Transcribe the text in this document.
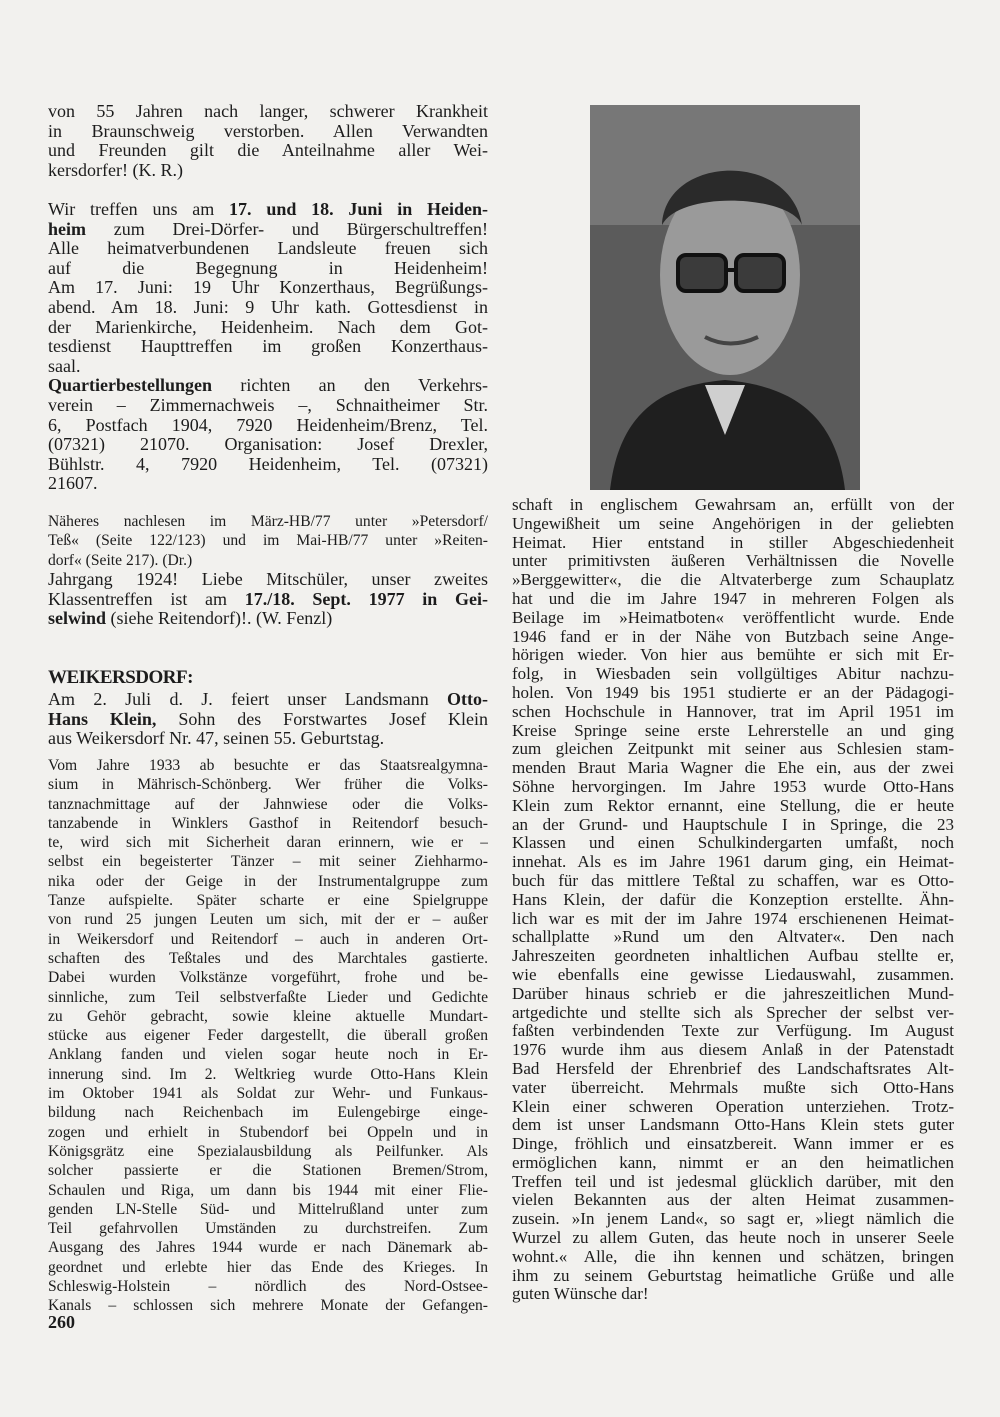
von 55 Jahren nach langer, schwerer Krankheit
in Braunschweig verstorben. Allen Verwandten
und Freunden gilt die Anteilnahme aller Wei-
kersdorfer! (K. R.)
Wir treffen uns am 17. und 18. Juni in Heiden-
heim zum Drei-Dörfer- und Bürgerschultreffen!
Alle heimatverbundenen Landsleute freuen sich
auf die Begegnung in Heidenheim!
Am 17. Juni: 19 Uhr Konzerthaus, Begrüßungs-
abend. Am 18. Juni: 9 Uhr kath. Gottesdienst in
der Marienkirche, Heidenheim. Nach dem Got-
tesdienst Haupttreffen im großen Konzerthaus-
saal.
Quartierbestellungen richten an den Verkehrs-
verein – Zimmernachweis –, Schnaitheimer Str.
6, Postfach 1904, 7920 Heidenheim/Brenz, Tel.
(07321) 21070. Organisation: Josef Drexler,
Bühlstr. 4, 7920 Heidenheim, Tel. (07321)
21607.
Näheres nachlesen im März-HB/77 unter »Petersdorf/
Teß« (Seite 122/123) und im Mai-HB/77 unter »Reiten-
dorf« (Seite 217). (Dr.)
Jahrgang 1924! Liebe Mitschüler, unser zweites
Klassentreffen ist am 17./18. Sept. 1977 in Gei-
selwind (siehe Reitendorf)!. (W. Fenzl)
WEIKERSDORF:
Am 2. Juli d. J. feiert unser Landsmann Otto-
Hans Klein, Sohn des Forstwartes Josef Klein
aus Weikersdorf Nr. 47, seinen 55. Geburtstag.
Vom Jahre 1933 ab besuchte er das Staatsrealgymna-
sium in Mährisch-Schönberg. Wer früher die Volks-
tanznachmittage auf der Jahnwiese oder die Volks-
tanzabende in Winklers Gasthof in Reitendorf besuch-
te, wird sich mit Sicherheit daran erinnern, wie er –
selbst ein begeisterter Tänzer – mit seiner Ziehharmo-
nika oder der Geige in der Instrumentalgruppe zum
Tanze aufspielte. Später scharte er eine Spielgruppe
von rund 25 jungen Leuten um sich, mit der er – außer
in Weikersdorf und Reitendorf – auch in anderen Ort-
schaften des Teßtales und des Marchtales gastierte.
Dabei wurden Volkstänze vorgeführt, frohe und be-
sinnliche, zum Teil selbstverfaßte Lieder und Gedichte
zu Gehör gebracht, sowie kleine aktuelle Mundart-
stücke aus eigener Feder dargestellt, die überall großen
Anklang fanden und vielen sogar heute noch in Er-
innerung sind. Im 2. Weltkrieg wurde Otto-Hans Klein
im Oktober 1941 als Soldat zur Wehr- und Funkaus-
bildung nach Reichenbach im Eulengebirge einge-
zogen und erhielt in Stubendorf bei Oppeln und in
Königsgrätz eine Spezialausbildung als Peilfunker. Als
solcher passierte er die Stationen Bremen/Strom,
Schaulen und Riga, um dann bis 1944 mit einer Flie-
genden LN-Stelle Süd- und Mittelrußland unter zum
Teil gefahrvollen Umständen zu durchstreifen. Zum
Ausgang des Jahres 1944 wurde er nach Dänemark ab-
geordnet und erlebte hier das Ende des Krieges. In
Schleswig-Holstein – nördlich des Nord-Ostsee-
Kanals – schlossen sich mehrere Monate der Gefangen-
schaft in englischem Gewahrsam an, erfüllt von der
Ungewißheit um seine Angehörigen in der geliebten
Heimat. Hier entstand in stiller Abgeschiedenheit
unter primitivsten äußeren Verhältnissen die Novelle
»Berggewitter«, die die Altvaterberge zum Schauplatz
hat und die im Jahre 1947 in mehreren Folgen als
Beilage im »Heimatboten« veröffentlicht wurde. Ende
1946 fand er in der Nähe von Butzbach seine Ange-
hörigen wieder. Von hier aus bemühte er sich mit Er-
folg, in Wiesbaden sein vollgültiges Abitur nachzu-
holen. Von 1949 bis 1951 studierte er an der Pädagogi-
schen Hochschule in Hannover, trat im April 1951 im
Kreise Springe seine erste Lehrerstelle an und ging
zum gleichen Zeitpunkt mit seiner aus Schlesien stam-
menden Braut Maria Wagner die Ehe ein, aus der zwei
Söhne hervorgingen. Im Jahre 1953 wurde Otto-Hans
Klein zum Rektor ernannt, eine Stellung, die er heute
an der Grund- und Hauptschule I in Springe, die 23
Klassen und einen Schulkindergarten umfaßt, noch
innehat. Als es im Jahre 1961 darum ging, ein Heimat-
buch für das mittlere Teßtal zu schaffen, war es Otto-
Hans Klein, der dafür die Konzeption erstellte. Ähn-
lich war es mit der im Jahre 1974 erschienenen Heimat-
schallplatte »Rund um den Altvater«. Den nach
Jahreszeiten geordneten inhaltlichen Aufbau stellte er,
wie ebenfalls eine gewisse Liedauswahl, zusammen.
Darüber hinaus schrieb er die jahreszeitlichen Mund-
artgedichte und stellte sich als Sprecher der selbst ver-
faßten verbindenden Texte zur Verfügung. Im August
1976 wurde ihm aus diesem Anlaß in der Patenstadt
Bad Hersfeld der Ehrenbrief des Landschaftsrates Alt-
vater überreicht. Mehrmals mußte sich Otto-Hans
Klein einer schweren Operation unterziehen. Trotz-
dem ist unser Landsmann Otto-Hans Klein stets guter
Dinge, fröhlich und einsatzbereit. Wann immer er es
ermöglichen kann, nimmt er an den heimatlichen
Treffen teil und ist jedesmal glücklich darüber, mit den
vielen Bekannten aus der alten Heimat zusammen-
zusein. »In jenem Land«, so sagt er, »liegt nämlich die
Wurzel zu allem Guten, das heute noch in unserer Seele
wohnt.« Alle, die ihn kennen und schätzen, bringen
ihm zu seinem Geburtstag heimatliche Grüße und alle
guten Wünsche dar!
260
